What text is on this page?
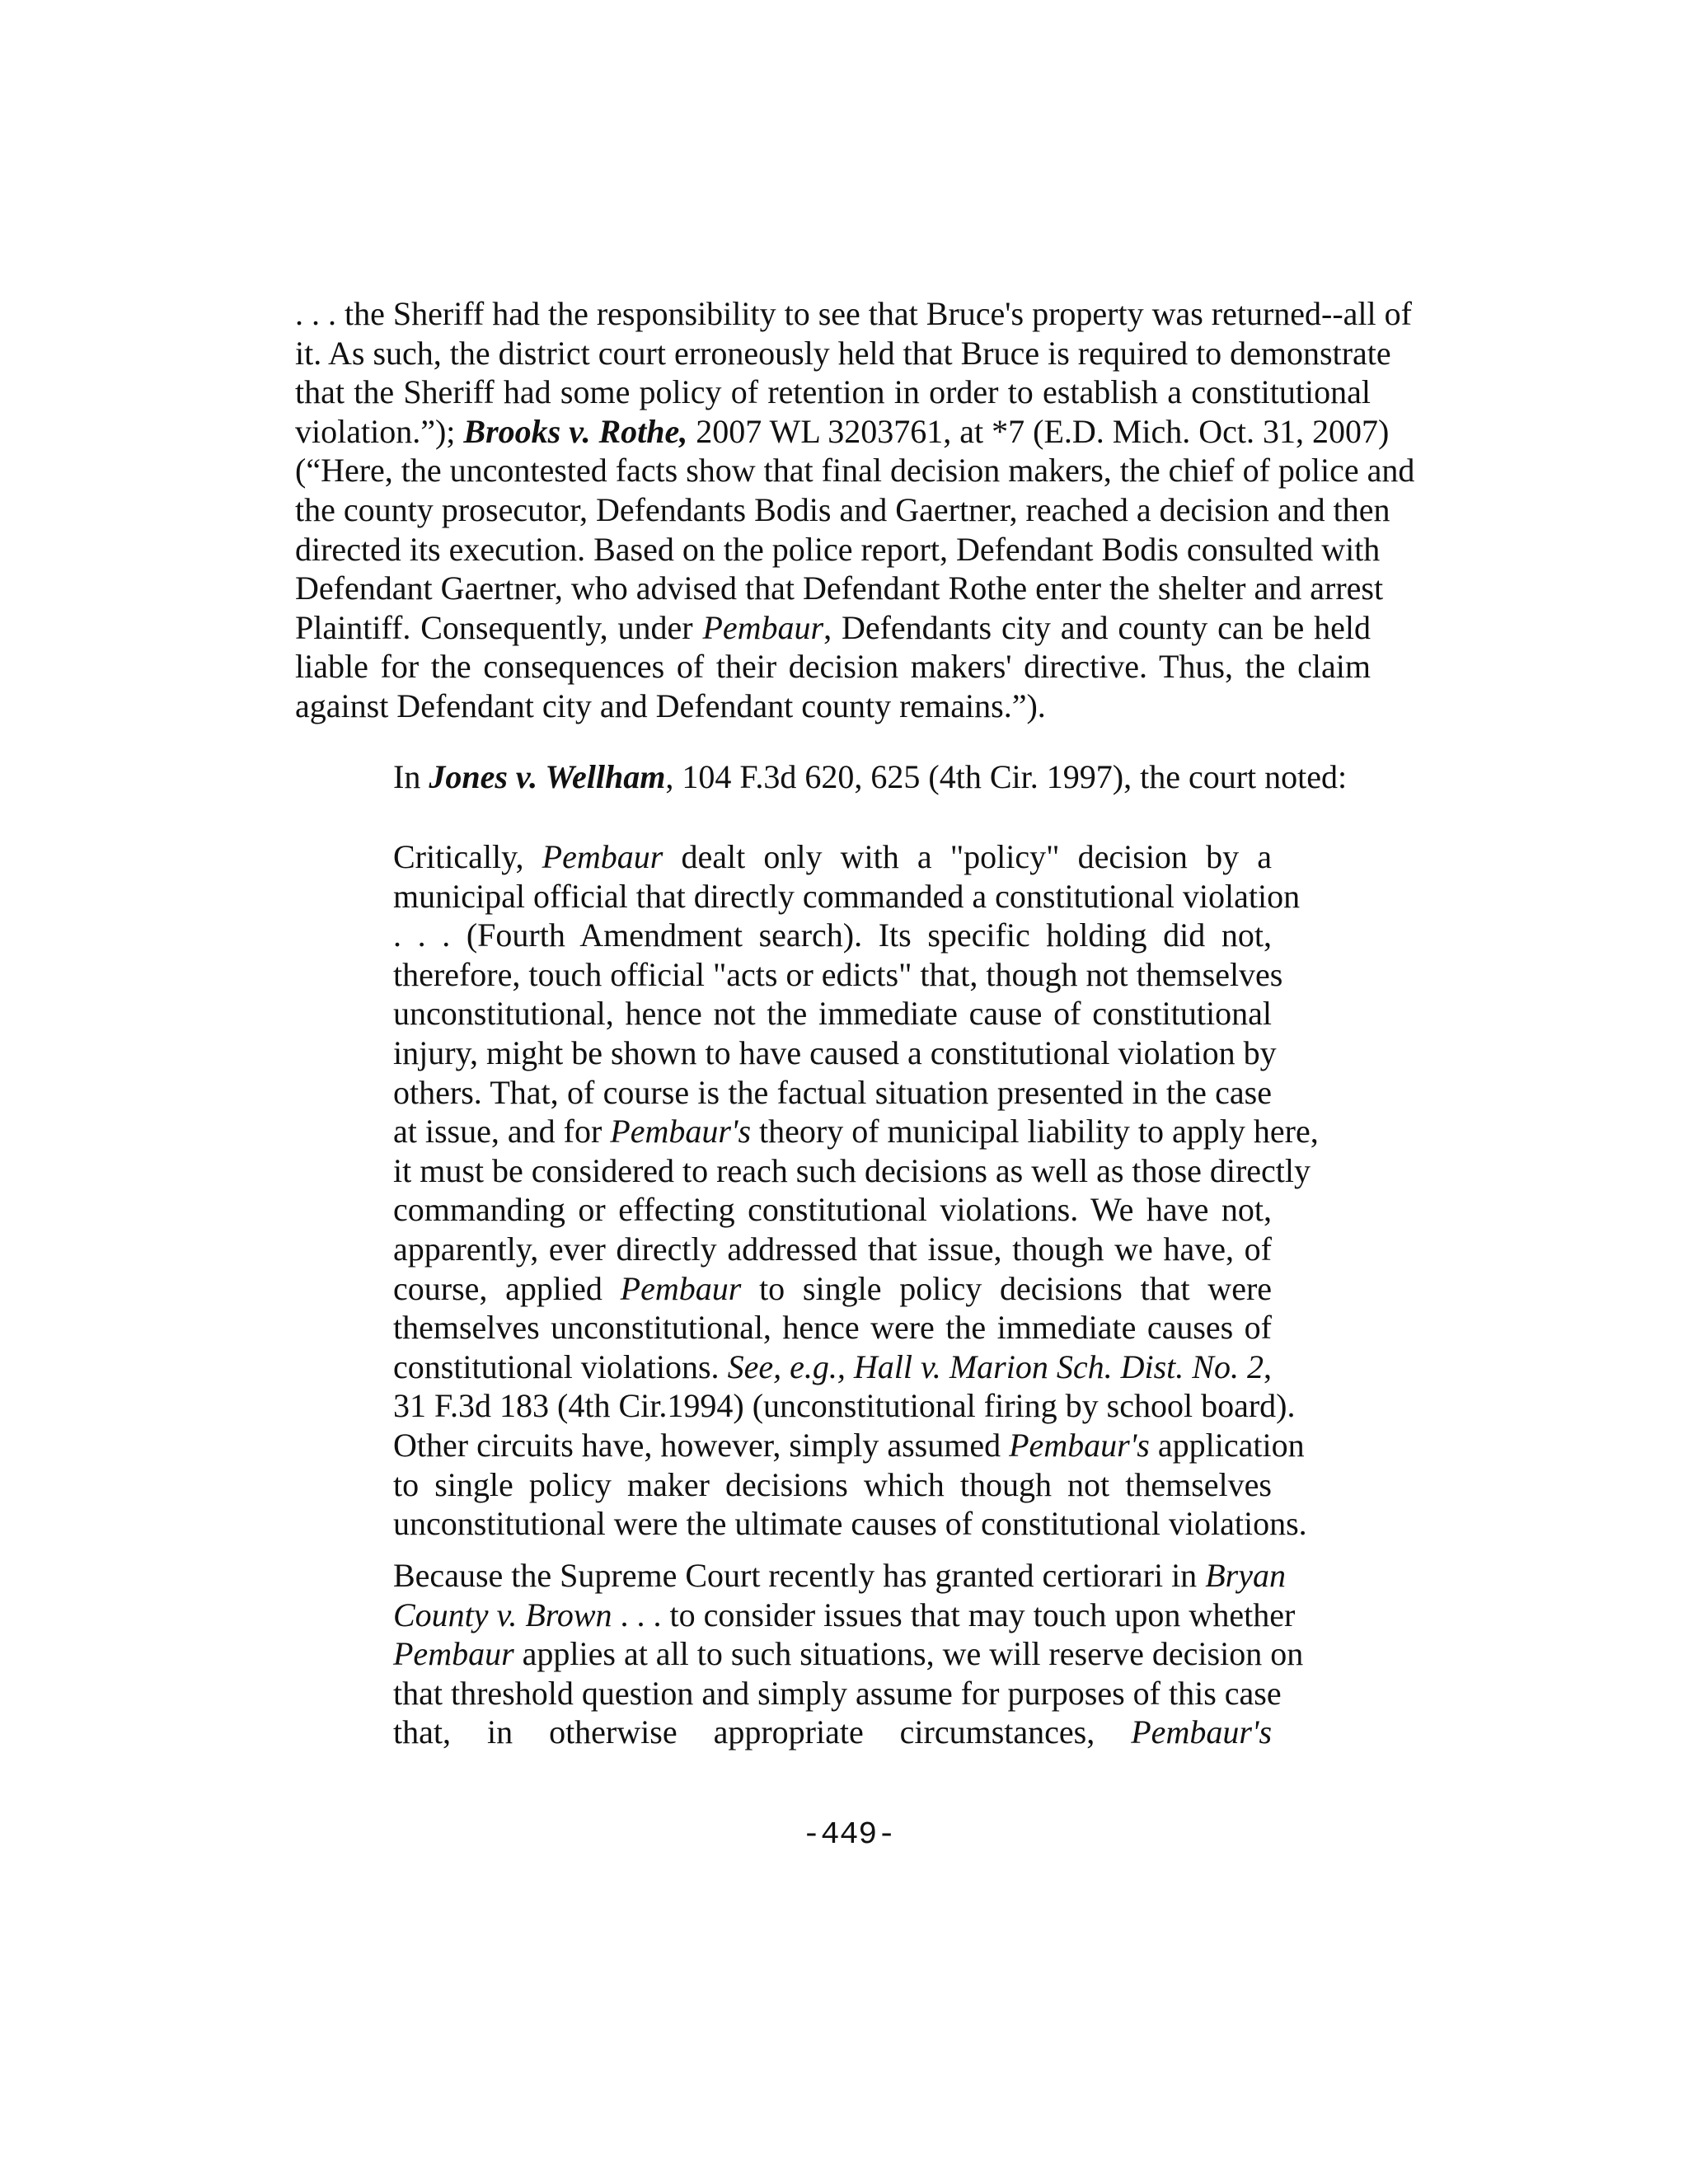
. . . the Sheriff had the responsibility to see that Bruce's property was returned--all of
it. As such, the district court erroneously held that Bruce is required to demonstrate
that the Sheriff had some policy of retention in order to establish a constitutional
violation.”); Brooks v. Rothe, 2007 WL 3203761, at *7 (E.D. Mich. Oct. 31, 2007)
(“Here, the uncontested facts show that final decision makers, the chief of police and
the county prosecutor, Defendants Bodis and Gaertner, reached a decision and then
directed its execution. Based on the police report, Defendant Bodis consulted with
Defendant Gaertner, who advised that Defendant Rothe enter the shelter and arrest
Plaintiff. Consequently, under Pembaur, Defendants city and county can be held
liable for the consequences of their decision makers' directive. Thus, the claim
against Defendant city and Defendant county remains.”).
In Jones v. Wellham, 104 F.3d 620, 625 (4th Cir. 1997), the court noted:
Critically, Pembaur dealt only with a "policy" decision by a
municipal official that directly commanded a constitutional violation
. . . (Fourth Amendment search). Its specific holding did not,
therefore, touch official "acts or edicts" that, though not themselves
unconstitutional, hence not the immediate cause of constitutional
injury, might be shown to have caused a constitutional violation by
others. That, of course is the factual situation presented in the case
at issue, and for Pembaur's theory of municipal liability to apply here,
it must be considered to reach such decisions as well as those directly
commanding or effecting constitutional violations. We have not,
apparently, ever directly addressed that issue, though we have, of
course, applied Pembaur to single policy decisions that were
themselves unconstitutional, hence were the immediate causes of
constitutional violations. See, e.g., Hall v. Marion Sch. Dist. No. 2,
31 F.3d 183 (4th Cir.1994) (unconstitutional firing by school board).
Other circuits have, however, simply assumed Pembaur's application
to single policy maker decisions which though not themselves
unconstitutional were the ultimate causes of constitutional violations.
Because the Supreme Court recently has granted certiorari in Bryan
County v. Brown . . . to consider issues that may touch upon whether
Pembaur applies at all to such situations, we will reserve decision on
that threshold question and simply assume for purposes of this case
that, in otherwise appropriate circumstances, Pembaur's
-449-
